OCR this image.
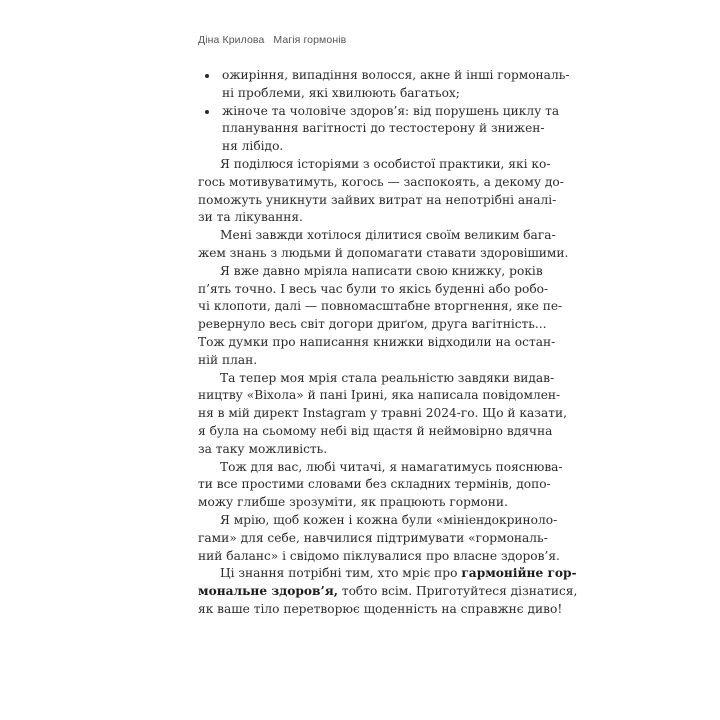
Діна Крилова Магія гормонів
ожиріння, випадіння волосся, акне й інші гормональ-
ні проблеми, які хвилюють багатьох;
жіноче та чоловіче здоров’я: від порушень циклу та
планування вагітності до тестостерону й знижен-
ня лібідо.
Я поділюся історіями з особистої практики, які ко-
гось мотивуватимуть, когось — заспокоять, а декому до-
поможуть уникнути зайвих витрат на непотрібні аналі-
зи та лікування.
Мені завжди хотілося ділитися своїм великим бага-
жем знань з людьми й допомагати ставати здоровішими.
Я вже давно мріяла написати свою книжку, років
п’ять точно. І весь час були то якісь буденні або робо-
чі клопоти, далі — повномасштабне вторгнення, яке пе-
ревернуло весь світ догори дриґом, друга вагітність...
Тож думки про написання книжки відходили на остан-
ній план.
Та тепер моя мрія стала реальністю завдяки видав-
ництву «Віхола» й пані Ірині, яка написала повідомлен-
ня в мій директ Instagram у травні 2024-го. Що й казати,
я була на сьомому небі від щастя й неймовірно вдячна
за таку можливість.
Тож для вас, любі читачі, я намагатимусь пояснюва-
ти все простими словами без складних термінів, допо-
можу глибше зрозуміти, як працюють гормони.
Я мрію, щоб кожен і кожна були «мініендокриноло-
гами» для себе, навчилися підтримувати «гормональ-
ний баланс» і свідомо піклувалися про власне здоров’я.
Ці знання потрібні тим, хто мріє про гармонійне гор-
мональне здоров’я, тобто всім. Приготуйтеся дізнатися,
як ваше тіло перетворює щоденність на справжнє диво!
